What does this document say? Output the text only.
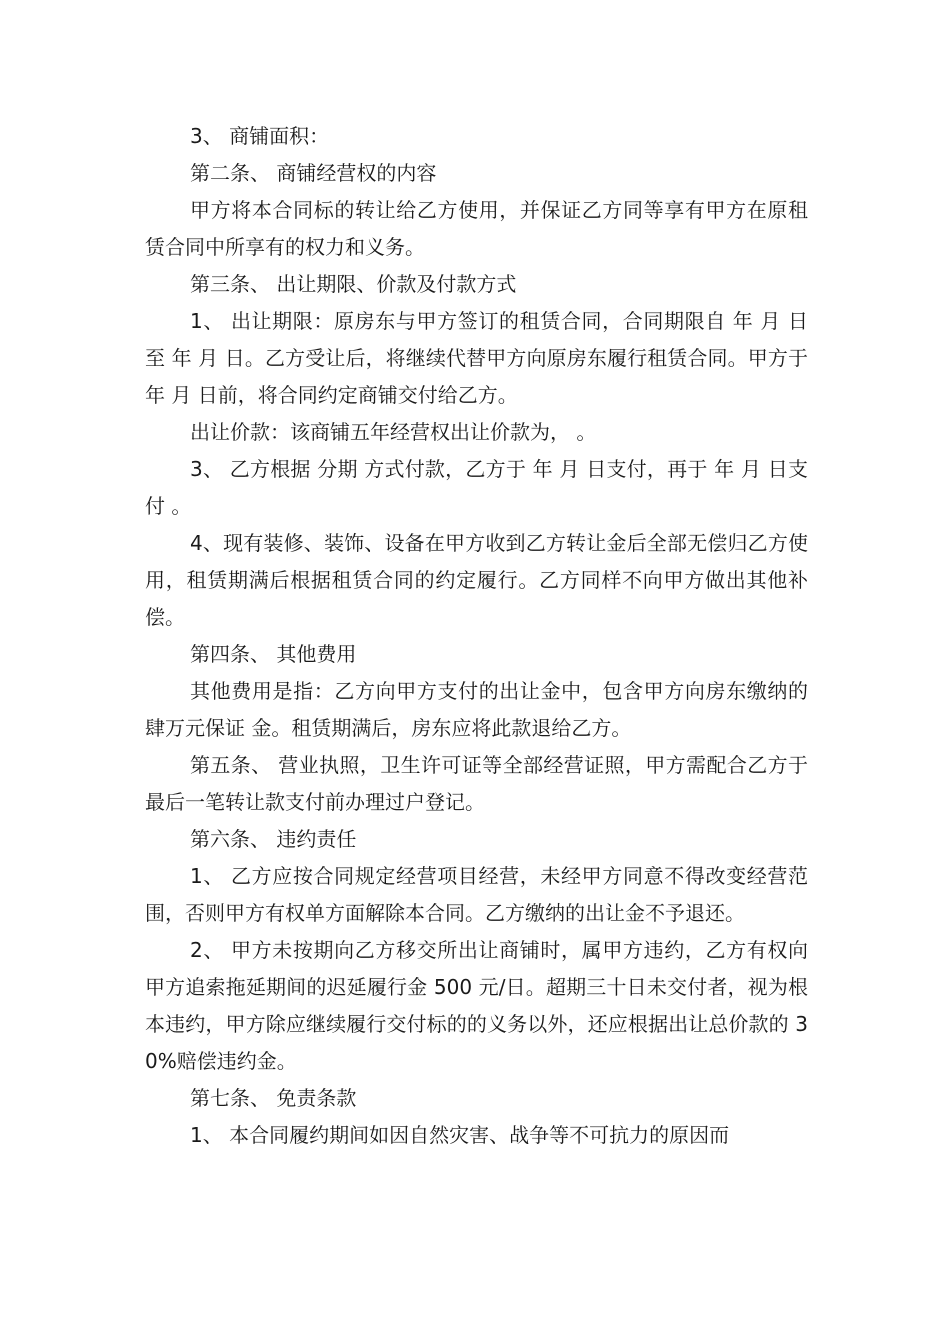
3、 商铺面积：

第二条、 商铺经营权的内容

甲方将本合同标的转让给乙方使用，并保证乙方同等享有甲方在原租赁合同中所享有的权力和义务。

第三条、 出让期限、价款及付款方式

1、 出让期限：原房东与甲方签订的租赁合同，合同期限自 年 月 日至 年 月 日。乙方受让后，将继续代替甲方向原房东履行租赁合同。甲方于 年 月 日前，将合同约定商铺交付给乙方。

出让价款：该商铺五年经营权出让价款为， 。

3、 乙方根据 分期 方式付款，乙方于 年 月 日支付，再于 年 月 日支付 。

4、现有装修、装饰、设备在甲方收到乙方转让金后全部无偿归乙方使用，租赁期满后根据租赁合同的约定履行。乙方同样不向甲方做出其他补偿。

第四条、 其他费用

其他费用是指：乙方向甲方支付的出让金中，包含甲方向房东缴纳的肆万元保证 金。租赁期满后，房东应将此款退给乙方。

第五条、 营业执照，卫生许可证等全部经营证照，甲方需配合乙方于最后一笔转让款支付前办理过户登记。

第六条、 违约责任

1、 乙方应按合同规定经营项目经营，未经甲方同意不得改变经营范围，否则甲方有权单方面解除本合同。乙方缴纳的出让金不予退还。

2、 甲方未按期向乙方移交所出让商铺时，属甲方违约，乙方有权向甲方追索拖延期间的迟延履行金 500 元/日。超期三十日未交付者，视为根本违约，甲方除应继续履行交付标的的义务以外，还应根据出让总价款的 30%赔偿违约金。

第七条、 免责条款

1、 本合同履约期间如因自然灾害、战争等不可抗力的原因而
